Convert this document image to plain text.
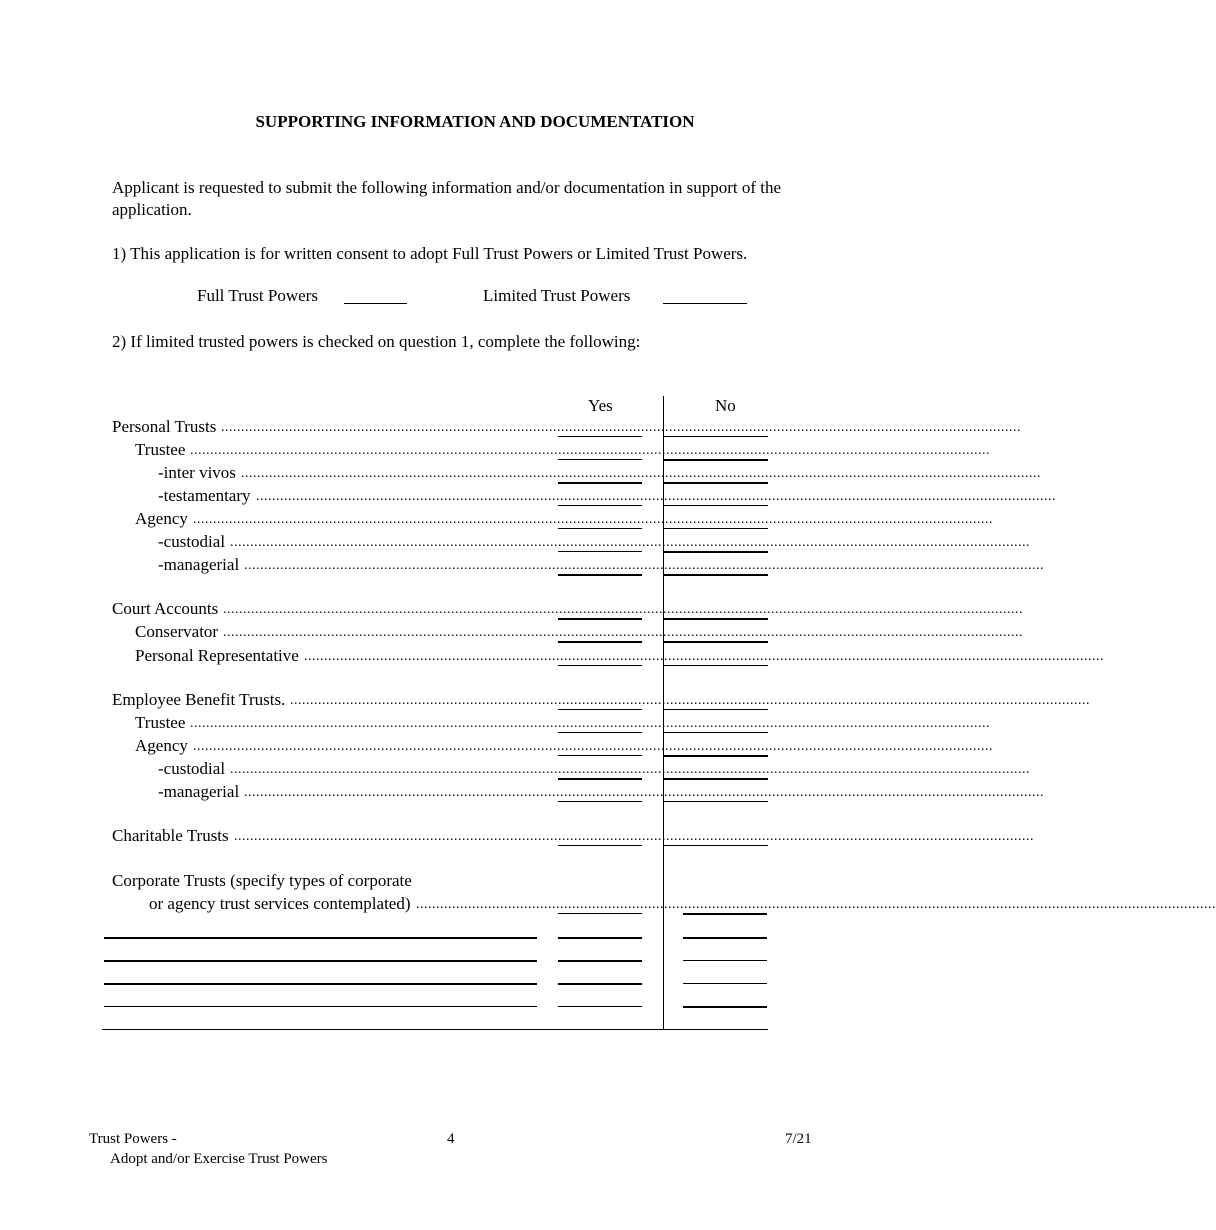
SUPPORTING INFORMATION AND DOCUMENTATION
Applicant is requested to submit the following information and/or documentation in support of the application.
1) This application is for written consent to adopt Full Trust Powers or Limited Trust Powers.
Full Trust Powers	Limited Trust Powers
2) If limited trusted powers is checked on question 1, complete the following:
Yes	No
Personal Trusts ........................................................................................................................................................................................................
Trustee ........................................................................................................................................................................................................
-inter vivos ........................................................................................................................................................................................................
-testamentary ........................................................................................................................................................................................................
Agency ........................................................................................................................................................................................................
-custodial ........................................................................................................................................................................................................
-managerial ........................................................................................................................................................................................................
Court Accounts ........................................................................................................................................................................................................
Conservator ........................................................................................................................................................................................................
Personal Representative ........................................................................................................................................................................................................
Employee Benefit Trusts. ........................................................................................................................................................................................................
Trustee ........................................................................................................................................................................................................
Agency ........................................................................................................................................................................................................
-custodial ........................................................................................................................................................................................................
-managerial ........................................................................................................................................................................................................
Charitable Trusts ........................................................................................................................................................................................................
Corporate Trusts (specify types of corporate
or agency trust services contemplated) ........................................................................................................................................................................................................
Trust Powers -
Adopt and/or Exercise Trust Powers
4	7/21
